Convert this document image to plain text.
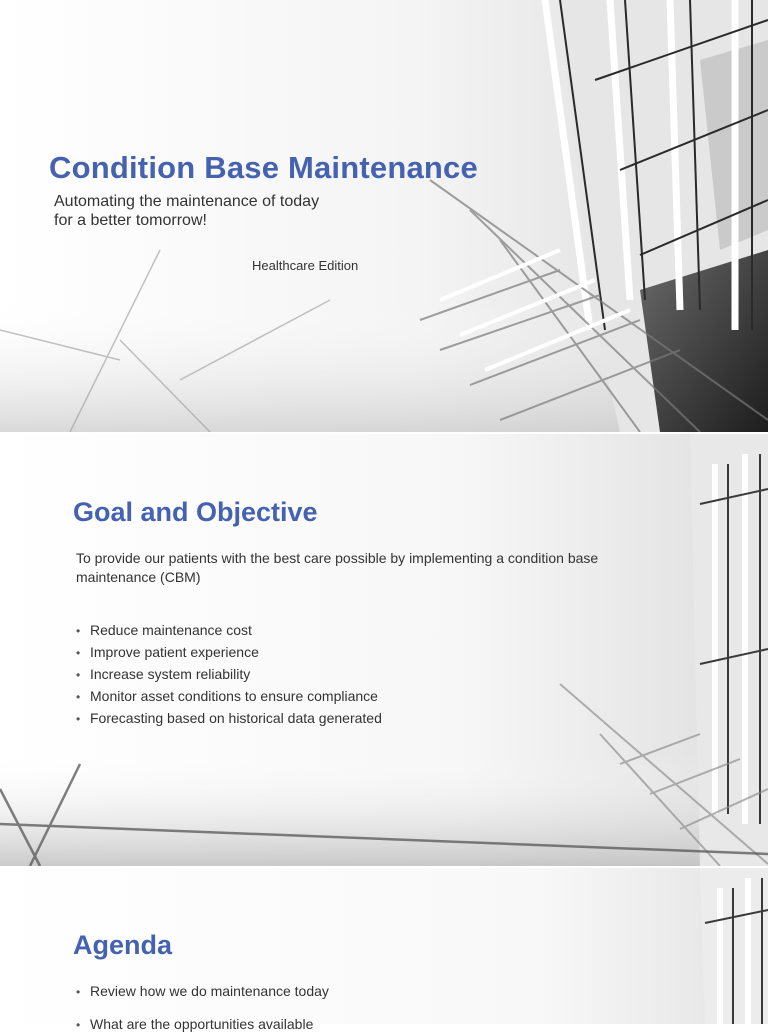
Condition Base Maintenance

Automating the maintenance of today

for a better tomorrow!

Healthcare Edition
Goal and Objective

To provide our patients with the best care possible by implementing a condition base

maintenance (CBM)

• Reduce maintenance cost
• Improve patient experience
• Increase system reliability
• Monitor asset conditions to ensure compliance
• Forecasting based on historical data generated
Agenda
• Review how we do maintenance today
• What are the opportunities available
